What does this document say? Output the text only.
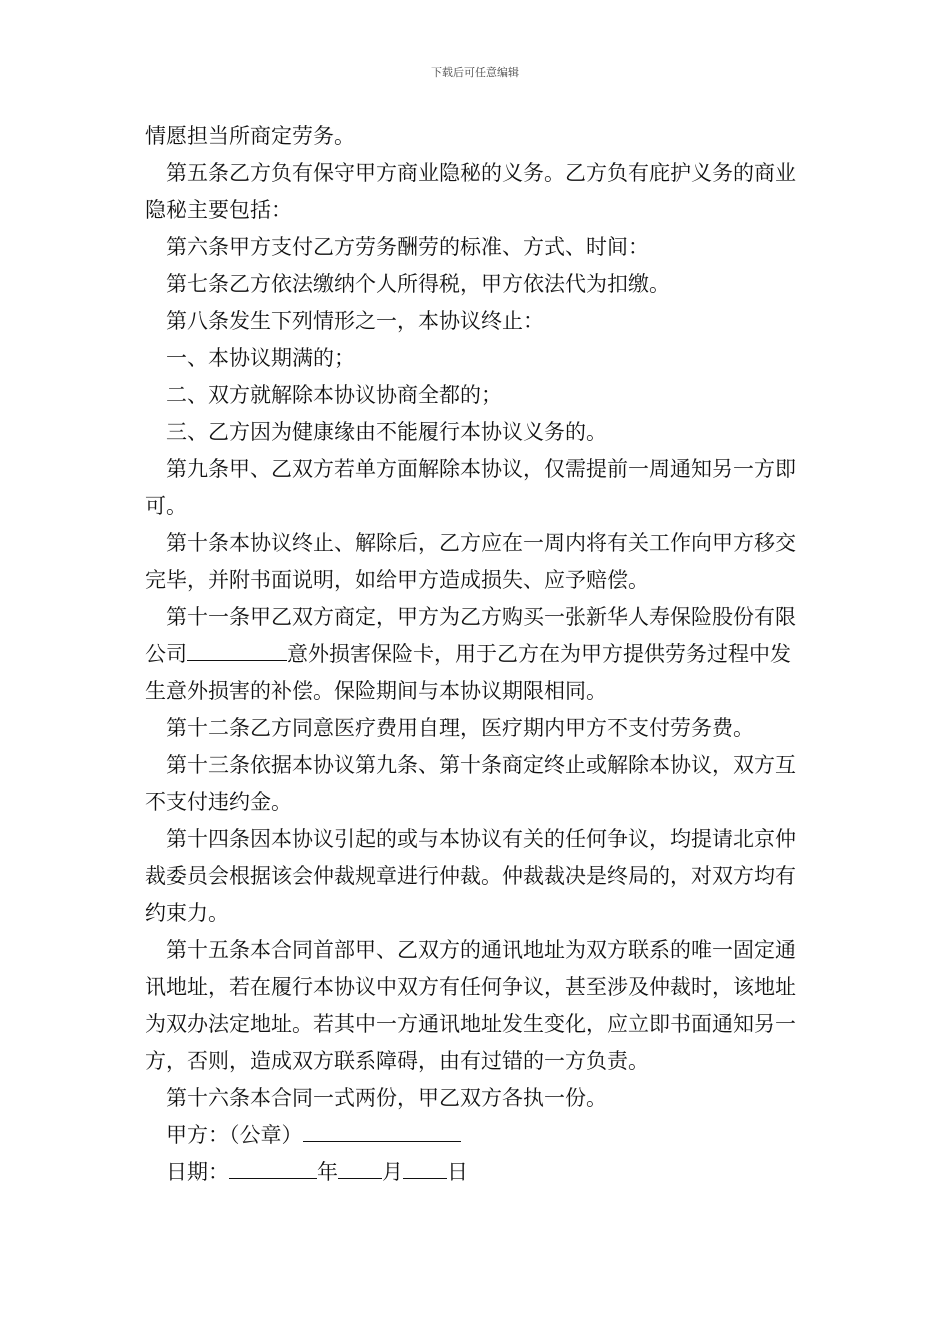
下载后可任意编辑

情愿担当所商定劳务。

第五条乙方负有保守甲方商业隐秘的义务。乙方负有庇护义务的商业隐秘主要包括：

第六条甲方支付乙方劳务酬劳的标准、方式、时间：

第七条乙方依法缴纳个人所得税，甲方依法代为扣缴。

第八条发生下列情形之一，本协议终止：

一、本协议期满的；

二、双方就解除本协议协商全都的；

三、乙方因为健康缘由不能履行本协议义务的。

第九条甲、乙双方若单方面解除本协议，仅需提前一周通知另一方即可。

第十条本协议终止、解除后，乙方应在一周内将有关工作向甲方移交完毕，并附书面说明，如给甲方造成损失、应予赔偿。

第十一条甲乙双方商定，甲方为乙方购买一张新华人寿保险股份有限公司	意外损害保险卡，用于乙方在为甲方提供劳务过程中发生意外损害的补偿。保险期间与本协议期限相同。

第十二条乙方同意医疗费用自理，医疗期内甲方不支付劳务费。

第十三条依据本协议第九条、第十条商定终止或解除本协议，双方互不支付违约金。

第十四条因本协议引起的或与本协议有关的任何争议，均提请北京仲裁委员会根据该会仲裁规章进行仲裁。仲裁裁决是终局的，对双方均有约束力。

第十五条本合同首部甲、乙双方的通讯地址为双方联系的唯一固定通讯地址，若在履行本协议中双方有任何争议，甚至涉及仲裁时，该地址为双办法定地址。若其中一方通讯地址发生变化，应立即书面通知另一方，否则，造成双方联系障碍，由有过错的一方负责。

第十六条本合同一式两份，甲乙双方各执一份。

甲方：（公章）

日期：	年 月 日
